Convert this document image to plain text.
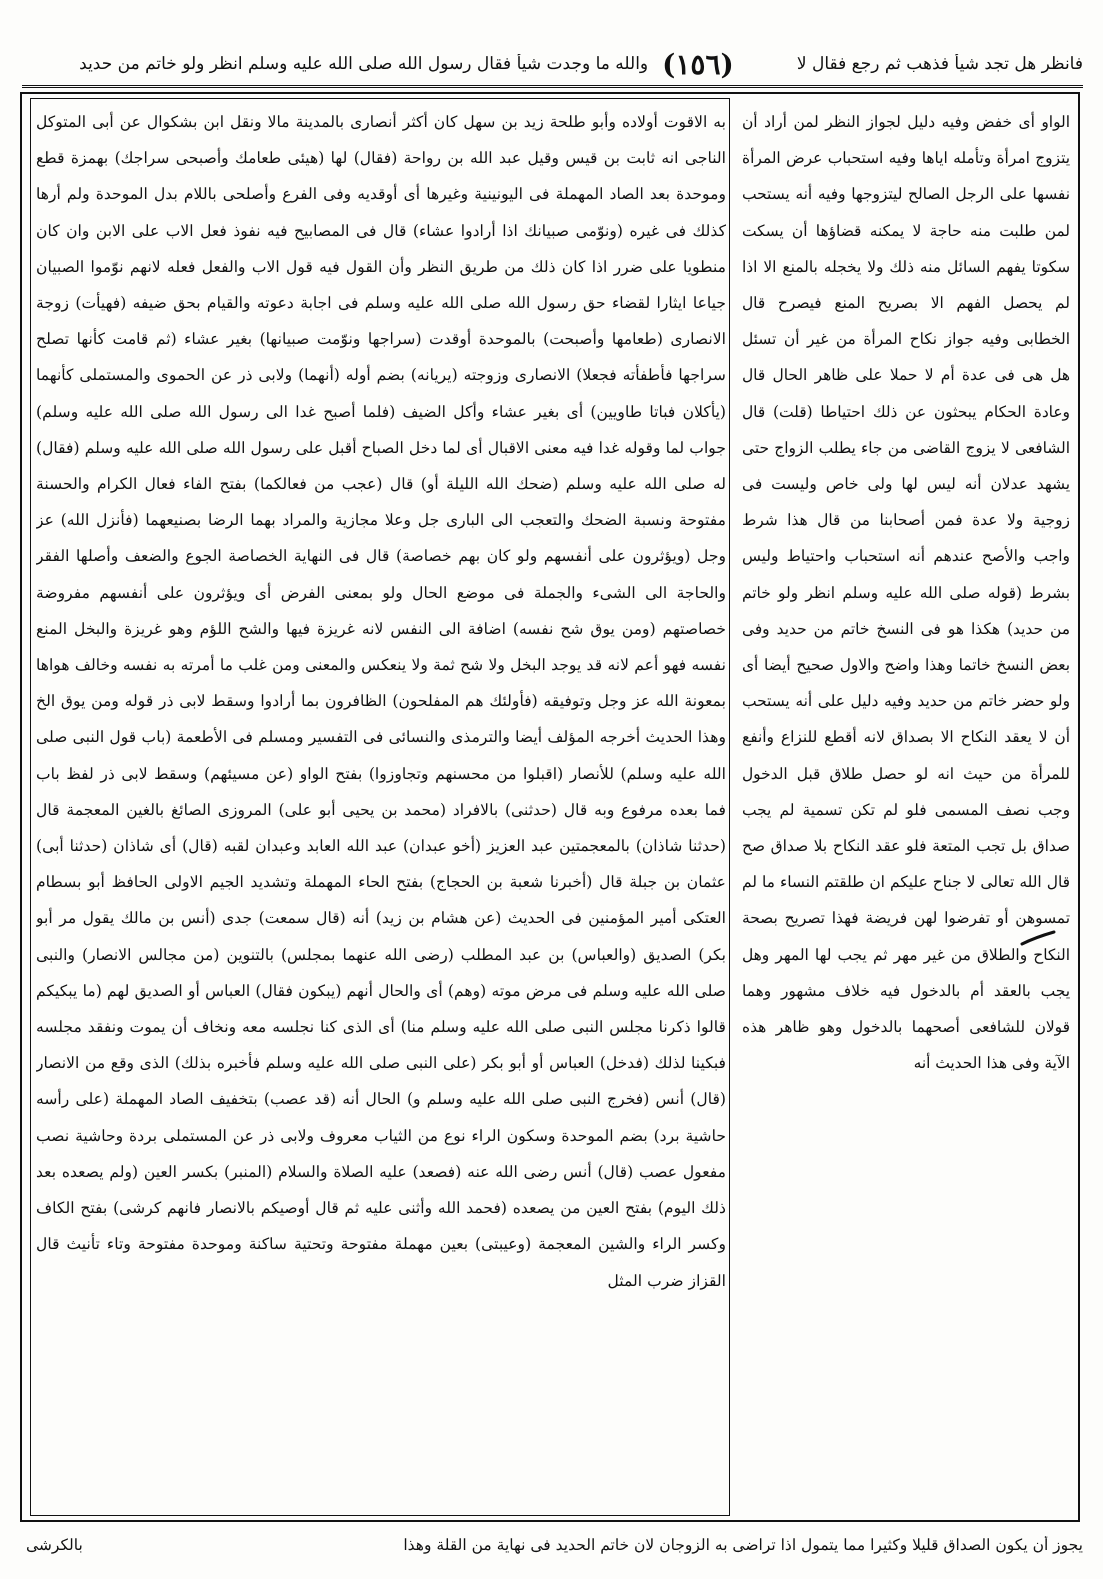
فانظر هل تجد شيأ فذهب ثم رجع فقال لا
(١٥٦)
والله ما وجدت شيأ فقال رسول الله صلى الله عليه وسلم انظر ولو خاتم من حديد

به الاقوت أولاده وأبو طلحة زيد بن سهل كان أكثر أنصارى بالمدينة مالا ونقل ابن بشكوال عن أبى المتوكل الناجى انه ثابت بن قيس وقيل عبد الله بن رواحة (فقال) لها (هيئى طعامك وأصبحى سراجك) بهمزة قطع وموحدة بعد الصاد المهملة فى اليونينية وغيرها أى أوقديه وفى الفرع وأصلحى باللام بدل الموحدة ولم أرها كذلك فى غيره (ونوّمى صبيانك اذا أرادوا عشاء) قال فى المصابيح فيه نفوذ فعل الاب على الابن وان كان منطويا على ضرر اذا كان ذلك من طريق النظر وأن القول فيه قول الاب والفعل فعله لانهم نوّموا الصبيان جياعا ايثارا لقضاء حق رسول الله صلى الله عليه وسلم فى اجابة دعوته والقيام بحق ضيفه (فهيأت) زوجة الانصارى (طعامها وأصبحت) بالموحدة أوقدت (سراجها ونوّمت صبيانها) بغير عشاء (ثم قامت كأنها تصلح سراجها فأطفأته فجعلا) الانصارى وزوجته (يريانه) بضم أوله (أنهما) ولابى ذر عن الحموى والمستملى كأنهما (يأكلان فباتا طاويين) أى بغير عشاء وأكل الضيف (فلما أصبح غدا الى رسول الله صلى الله عليه وسلم) جواب لما وقوله غدا فيه معنى الاقبال أى لما دخل الصباح أقبل على رسول الله صلى الله عليه وسلم (فقال) له صلى الله عليه وسلم (ضحك الله الليلة أو) قال (عجب من فعالكما) بفتح الفاء فعال الكرام والحسنة مفتوحة ونسبة الضحك والتعجب الى البارى جل وعلا مجازية والمراد بهما الرضا بصنيعهما (فأنزل الله) عز وجل (ويؤثرون على أنفسهم ولو كان بهم خصاصة) قال فى النهاية الخصاصة الجوع والضعف وأصلها الفقر والحاجة الى الشىء والجملة فى موضع الحال ولو بمعنى الفرض أى ويؤثرون على أنفسهم مفروضة خصاصتهم (ومن يوق شح نفسه) اضافة الى النفس لانه غريزة فيها والشح اللؤم وهو غريزة والبخل المنع نفسه فهو أعم لانه قد يوجد البخل ولا شح ثمة ولا ينعكس والمعنى ومن غلب ما أمرته به نفسه وخالف هواها بمعونة الله عز وجل وتوفيقه (فأولئك هم المفلحون) الظافرون بما أرادوا وسقط لابى ذر قوله ومن يوق الخ وهذا الحديث أخرجه المؤلف أيضا والترمذى والنسائى فى التفسير ومسلم فى الأطعمة (باب قول النبى صلى الله عليه وسلم) للأنصار (اقبلوا من محسنهم وتجاوزوا) بفتح الواو (عن مسيئهم) وسقط لابى ذر لفظ باب فما بعده مرفوع وبه قال (حدثنى) بالافراد (محمد بن يحيى أبو على) المروزى الصائغ بالغين المعجمة قال (حدثنا شاذان) بالمعجمتين عبد العزيز (أخو عبدان) عبد الله العابد وعبدان لقبه (قال) أى شاذان (حدثنا أبى) عثمان بن جبلة قال (أخبرنا شعبة بن الحجاج) بفتح الحاء المهملة وتشديد الجيم الاولى الحافظ أبو بسطام العتكى أمير المؤمنين فى الحديث (عن هشام بن زيد) أنه (قال سمعت) جدى (أنس بن مالك يقول مر أبو بكر) الصديق (والعباس) بن عبد المطلب (رضى الله عنهما بمجلس) بالتنوين (من مجالس الانصار) والنبى صلى الله عليه وسلم فى مرض موته (وهم) أى والحال أنهم (يبكون فقال) العباس أو الصديق لهم (ما يبكيكم قالوا ذكرنا مجلس النبى صلى الله عليه وسلم منا) أى الذى كنا نجلسه معه ونخاف أن يموت ونفقد مجلسه فبكينا لذلك (فدخل) العباس أو أبو بكر (على النبى صلى الله عليه وسلم فأخبره بذلك) الذى وقع من الانصار (قال) أنس (فخرج النبى صلى الله عليه وسلم و) الحال أنه (قد عصب) بتخفيف الصاد المهملة (على رأسه حاشية برد) بضم الموحدة وسكون الراء نوع من الثياب معروف ولابى ذر عن المستملى بردة وحاشية نصب مفعول عصب (قال) أنس رضى الله عنه (فصعد) عليه الصلاة والسلام (المنبر) بكسر العين (ولم يصعده بعد ذلك اليوم) بفتح العين من يصعده (فحمد الله وأثنى عليه ثم قال أوصيكم بالانصار فانهم كرشى) بفتح الكاف وكسر الراء والشين المعجمة (وعيبتى) بعين مهملة مفتوحة وتحتية ساكنة وموحدة مفتوحة وتاء تأنيث قال القزاز ضرب المثل

الواو أى خفض وفيه دليل لجواز النظر لمن أراد أن يتزوج امرأة وتأمله اياها وفيه استحباب عرض المرأة نفسها على الرجل الصالح ليتزوجها وفيه أنه يستحب لمن طلبت منه حاجة لا يمكنه قضاؤها أن يسكت سكوتا يفهم السائل منه ذلك ولا يخجله بالمنع الا اذا لم يحصل الفهم الا بصريح المنع فيصرح قال الخطابى وفيه جواز نكاح المرأة من غير أن تسئل هل هى فى عدة أم لا حملا على ظاهر الحال قال وعادة الحكام يبحثون عن ذلك احتياطا (قلت) قال الشافعى لا يزوج القاضى من جاء يطلب الزواج حتى يشهد عدلان أنه ليس لها ولى خاص وليست فى زوجية ولا عدة فمن أصحابنا من قال هذا شرط واجب والأصح عندهم أنه استحباب واحتياط وليس بشرط (قوله صلى الله عليه وسلم انظر ولو خاتم من حديد) هكذا هو فى النسخ خاتم من حديد وفى بعض النسخ خاتما وهذا واضح والاول صحيح أيضا أى ولو حضر خاتم من حديد وفيه دليل على أنه يستحب أن لا يعقد النكاح الا بصداق لانه أقطع للنزاع وأنفع للمرأة من حيث انه لو حصل طلاق قبل الدخول وجب نصف المسمى فلو لم تكن تسمية لم يجب صداق بل تجب المتعة فلو عقد النكاح بلا صداق صح قال الله تعالى لا جناح عليكم ان طلقتم النساء ما لم تمسوهن أو تفرضوا لهن فريضة فهذا تصريح بصحة النكاح والطلاق من غير مهر ثم يجب لها المهر وهل يجب بالعقد أم بالدخول فيه خلاف مشهور وهما قولان للشافعى أصحهما بالدخول وهو ظاهر هذه الآية وفى هذا الحديث أنه

يجوز أن يكون الصداق قليلا وكثيرا مما يتمول اذا تراضى به الزوجان لان خاتم الحديد فى نهاية من القلة وهذا
بالكرشى
